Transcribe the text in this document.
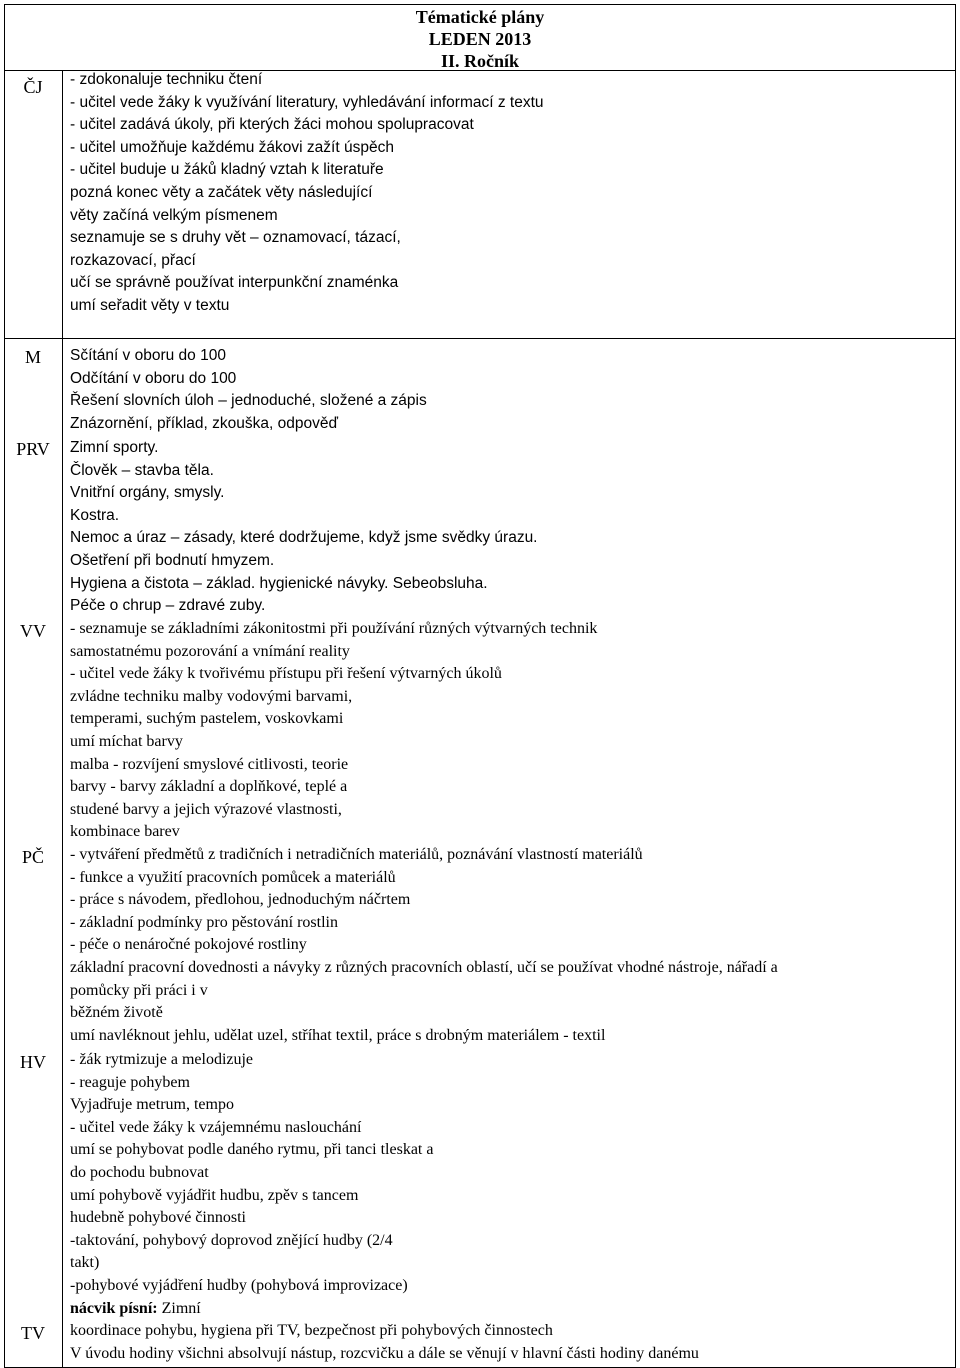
Tématické plány
LEDEN 2013
II. Ročník
ČJ	- zdokonaluje techniku čtení
- učitel vede žáky k využívání literatury, vyhledávání informací z textu
- učitel zadává úkoly, při kterých žáci mohou spolupracovat
- učitel umožňuje každému žákovi zažít úspěch
- učitel buduje u žáků kladný vztah k literatuře
pozná konec věty a začátek věty následující
věty začíná velkým písmenem
seznamuje se s druhy vět – oznamovací, tázací,
rozkazovací, přací
učí se správně používat interpunkční znaménka
umí seřadit věty v textu
M	Sčítání v oboru do 100
Odčítání v oboru do 100
Řešení slovních úloh – jednoduché, složené a zápis
Znázornění, příklad, zkouška, odpověď
PRV	Zimní sporty.
Člověk – stavba těla.
Vnitřní orgány, smysly.
Kostra.
Nemoc a úraz – zásady, které dodržujeme, když jsme svědky úrazu.
Ošetření při bodnutí hmyzem.
Hygiena a čistota – základ. hygienické návyky. Sebeobsluha.
Péče o chrup – zdravé zuby.
VV	- seznamuje se základními zákonitostmi při používání různých výtvarných technik
samostatnému pozorování a vnímání reality
- učitel vede žáky k tvořivému přístupu při řešení výtvarných úkolů
zvládne techniku malby vodovými barvami,
temperami, suchým pastelem, voskovkami
umí míchat barvy
malba - rozvíjení smyslové citlivosti, teorie
barvy - barvy základní a doplňkové, teplé a
studené barvy a jejich výrazové vlastnosti,
kombinace barev
PČ	- vytváření předmětů z tradičních i netradičních materiálů, poznávání vlastností materiálů
- funkce a využití pracovních pomůcek a materiálů
- práce s návodem, předlohou, jednoduchým náčrtem
- základní podmínky pro pěstování rostlin
- péče o nenáročné pokojové rostliny
základní pracovní dovednosti a návyky z různých pracovních oblastí, učí se používat vhodné nástroje, nářadí a
pomůcky při práci i v
běžném životě
umí navléknout jehlu, udělat uzel, stříhat textil, práce s drobným materiálem - textil
HV	- žák rytmizuje a melodizuje
- reaguje pohybem
Vyjadřuje metrum, tempo
- učitel vede žáky k vzájemnému naslouchání
umí se pohybovat podle daného rytmu, při tanci tleskat a
do pochodu bubnovat
umí pohybově vyjádřit hudbu, zpěv s tancem
hudebně pohybové činnosti
-taktování, pohybový doprovod znějící hudby (2/4
takt)
-pohybové vyjádření hudby (pohybová improvizace)
nácvik písní: Zimní
TV	koordinace pohybu, hygiena při TV, bezpečnost při pohybových činnostech
V úvodu hodiny všichni absolvují nástup, rozcvičku a dále se věnují v hlavní části hodiny danému
